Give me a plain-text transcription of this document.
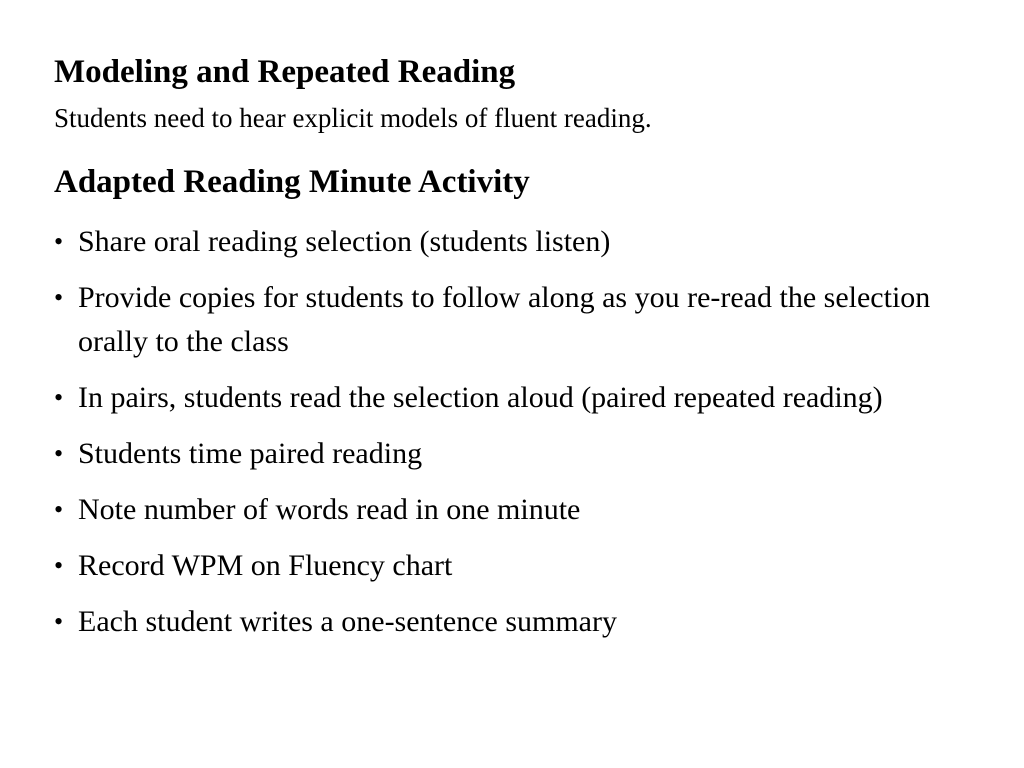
Modeling and Repeated Reading
Students need to hear explicit models of fluent reading.
Adapted Reading Minute Activity
• Share oral reading selection (students listen)
• Provide copies for students to follow along as you re-read the selection orally to the class
• In pairs, students read the selection aloud (paired repeated reading)
• Students time paired reading
• Note number of words read in one minute
• Record WPM on Fluency chart
• Each student writes a one-sentence summary
